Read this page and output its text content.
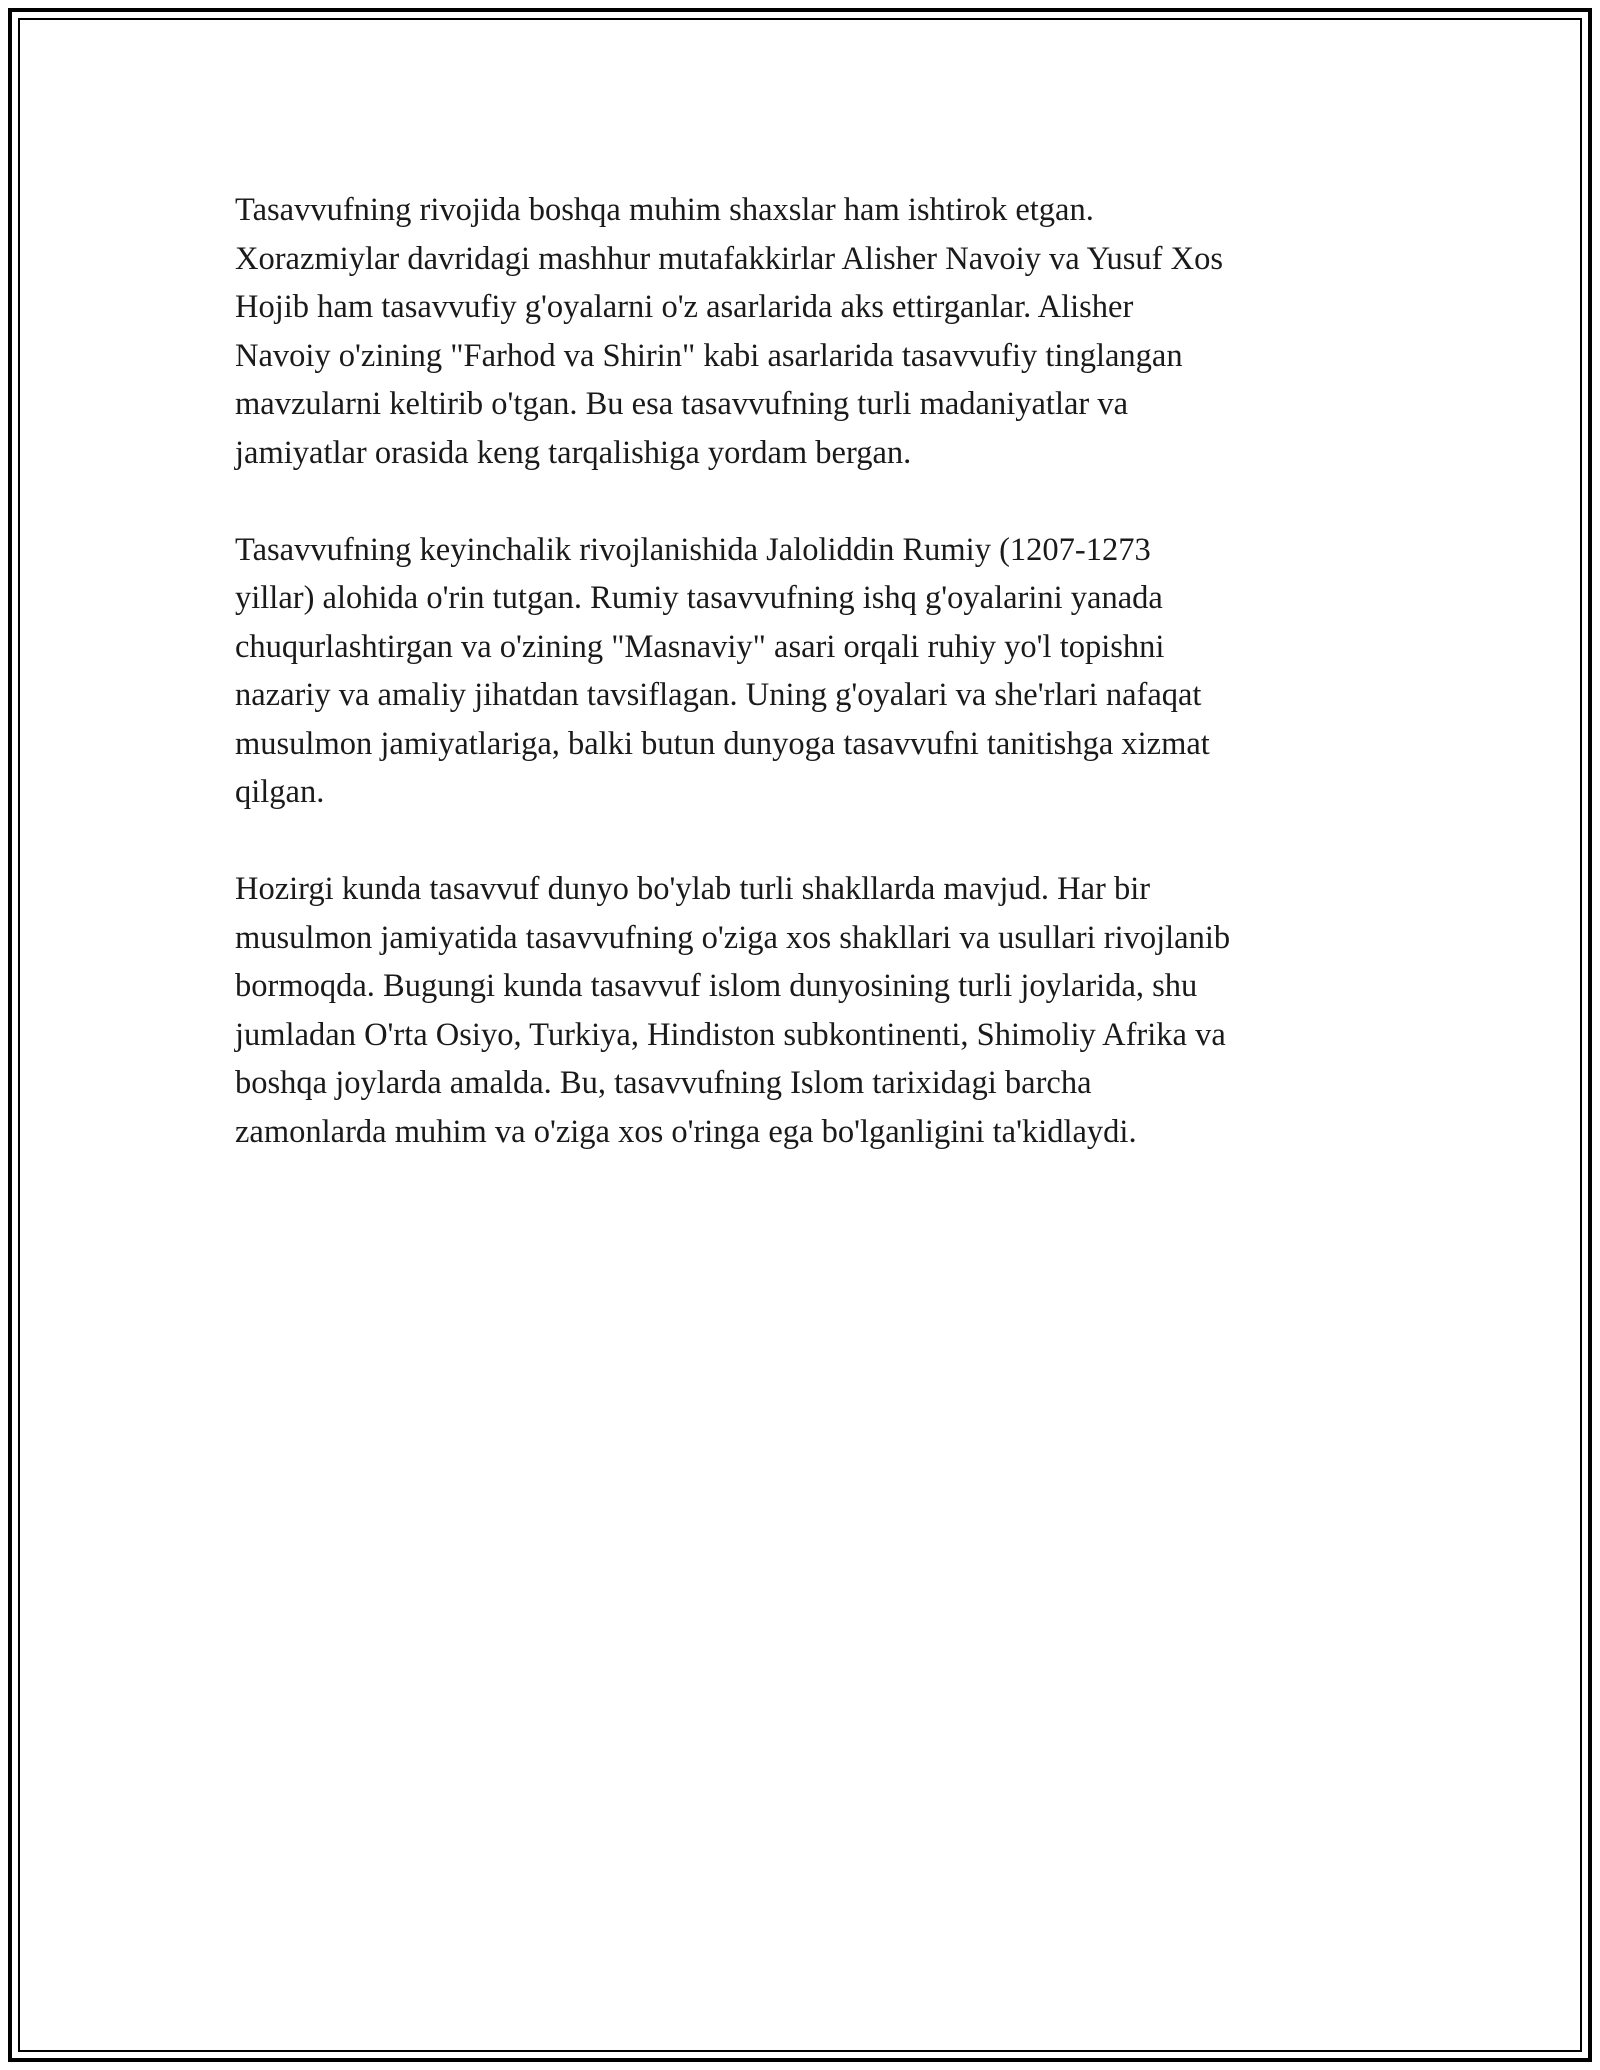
Tasavvufning rivojida boshqa muhim shaxslar ham ishtirok etgan.
Xorazmiylar davridagi mashhur mutafakkirlar Alisher Navoiy va Yusuf Xos
Hojib ham tasavvufiy g'oyalarni o'z asarlarida aks ettirganlar. Alisher
Navoiy o'zining "Farhod va Shirin" kabi asarlarida tasavvufiy tinglangan
mavzularni keltirib o'tgan. Bu esa tasavvufning turli madaniyatlar va
jamiyatlar orasida keng tarqalishiga yordam bergan.

Tasavvufning keyinchalik rivojlanishida Jaloliddin Rumiy (1207-1273
yillar) alohida o'rin tutgan. Rumiy tasavvufning ishq g'oyalarini yanada
chuqurlashtirgan va o'zining "Masnaviy" asari orqali ruhiy yo'l topishni
nazariy va amaliy jihatdan tavsiflagan. Uning g'oyalari va she'rlari nafaqat
musulmon jamiyatlariga, balki butun dunyoga tasavvufni tanitishga xizmat
qilgan.

Hozirgi kunda tasavvuf dunyo bo'ylab turli shakllarda mavjud. Har bir
musulmon jamiyatida tasavvufning o'ziga xos shakllari va usullari rivojlanib
bormoqda. Bugungi kunda tasavvuf islom dunyosining turli joylarida, shu
jumladan O'rta Osiyo, Turkiya, Hindiston subkontinenti, Shimoliy Afrika va
boshqa joylarda amalda. Bu, tasavvufning Islom tarixidagi barcha
zamonlarda muhim va o'ziga xos o'ringa ega bo'lganligini ta'kidlaydi.
